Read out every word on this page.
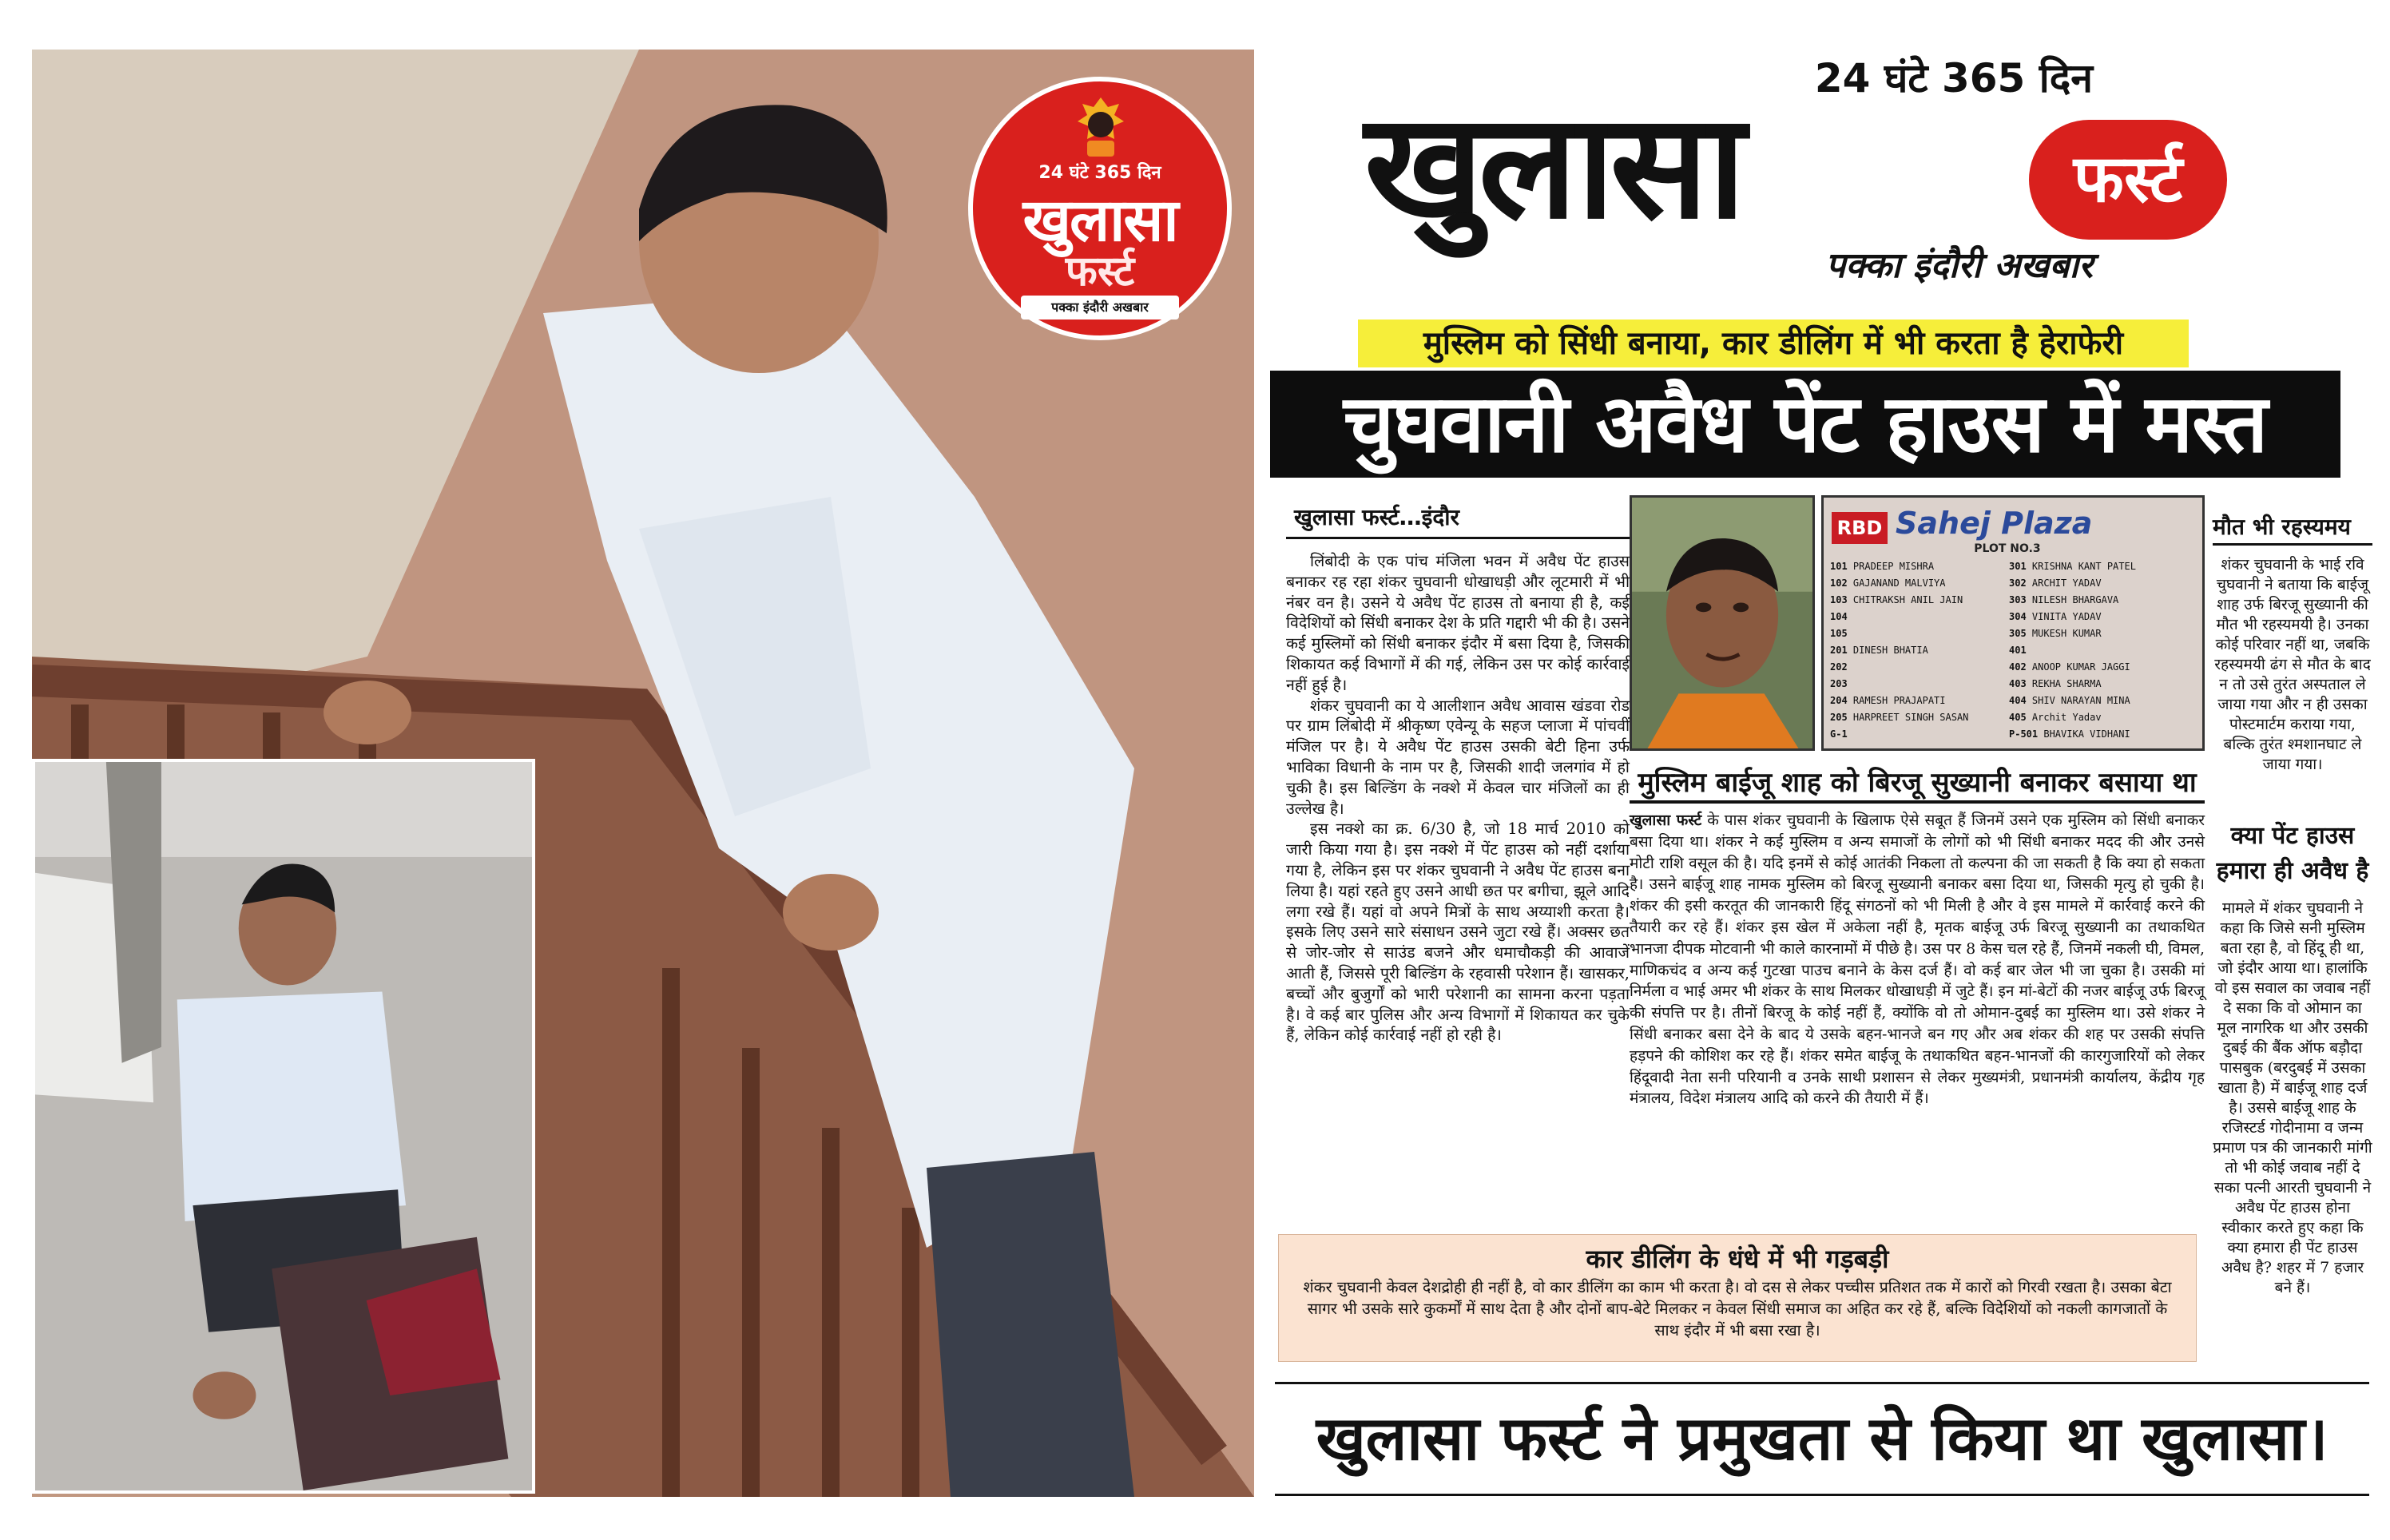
24 घंटे 365 दिन
खुलासा
फर्स्ट
पक्का इंदौरी अखबार
24 घंटे 365 दिन
खुलासा	फर्स्ट
पक्का इंदौरी अखबार
मुस्लिम को सिंधी बनाया, कार डीलिंग में भी करता है हेराफेरी
चुघवानी अवैध पेंट हाउस में मस्त
खुलासा फर्स्ट…इंदौर

लिंबोदी के एक पांच मंजिला भवन में अवैध पेंट हाउस बनाकर रह रहा शंकर चुघवानी धोखाधड़ी और लूटमारी में भी नंबर वन है। उसने ये अवैध पेंट हाउस तो बनाया ही है, कई विदेशियों को सिंधी बनाकर देश के प्रति गद्दारी भी की है। उसने कई मुस्लिमों को सिंधी बनाकर इंदौर में बसा दिया है, जिसकी शिकायत कई विभागों में की गई, लेकिन उस पर कोई कार्रवाई नहीं हुई है।

शंकर चुघवानी का ये आलीशान अवैध आवास खंडवा रोड पर ग्राम लिंबोदी में श्रीकृष्ण एवेन्यू के सहज प्लाजा में पांचवीं मंजिल पर है। ये अवैध पेंट हाउस उसकी बेटी हिना उर्फ भाविका विधानी के नाम पर है, जिसकी शादी जलगांव में हो चुकी है। इस बिल्डिंग के नक्शे में केवल चार मंजिलों का ही उल्लेख है।

इस नक्शे का क्र. 6/30 है, जो 18 मार्च 2010 को जारी किया गया है। इस नक्शे में पेंट हाउस को नहीं दर्शाया गया है, लेकिन इस पर शंकर चुघवानी ने अवैध पेंट हाउस बना लिया है। यहां रहते हुए उसने आधी छत पर बगीचा, झूले आदि लगा रखे हैं। यहां वो अपने मित्रों के साथ अय्याशी करता है। इसके लिए उसने सारे संसाधन उसने जुटा रखे हैं। अक्सर छत से जोर-जोर से साउंड बजने और धमाचौकड़ी की आवाजें आती हैं, जिससे पूरी बिल्डिंग के रहवासी परेशान हैं। खासकर, बच्चों और बुजुर्गों को भारी परेशानी का सामना करना पड़ता है। वे कई बार पुलिस और अन्य विभागों में शिकायत कर चुके हैं, लेकिन कोई कार्रवाई नहीं हो रही है।

RBD Sahej Plaza
PLOT NO.3
101 PRADEEP MISHRA
102 GAJANAND MALVIYA
103 CHITRAKSH ANIL JAIN
104
105
201 DINESH BHATIA
202
203
204 RAMESH PRAJAPATI
205 HARPREET SINGH SASAN
G-1
301 KRISHNA KANT PATEL
302 ARCHIT YADAV
303 NILESH BHARGAVA
304 VINITA YADAV
305 MUKESH KUMAR
401
402 ANOOP KUMAR JAGGI
403 REKHA SHARMA
404 SHIV NARAYAN MINA
405 Archit Yadav
P-501 BHAVIKA VIDHANI
मुस्लिम बाईजू शाह को बिरजू सुख्यानी बनाकर बसाया था

खुलासा फर्स्ट के पास शंकर चुघवानी के खिलाफ ऐसे सबूत हैं जिनमें उसने एक मुस्लिम को सिंधी बनाकर बसा दिया था। शंकर ने कई मुस्लिम व अन्य समाजों के लोगों को भी सिंधी बनाकर मदद की और उनसे मोटी राशि वसूल की है। यदि इनमें से कोई आतंकी निकला तो कल्पना की जा सकती है कि क्या हो सकता है। उसने बाईजू शाह नामक मुस्लिम को बिरजू सुख्यानी बनाकर बसा दिया था, जिसकी मृत्यु हो चुकी है। शंकर की इसी करतूत की जानकारी हिंदू संगठनों को भी मिली है और वे इस मामले में कार्रवाई करने की तैयारी कर रहे हैं। शंकर इस खेल में अकेला नहीं है, मृतक बाईजू उर्फ बिरजू सुख्यानी का तथाकथित भानजा दीपक मोटवानी भी काले कारनामों में पीछे है। उस पर 8 केस चल रहे हैं, जिनमें नकली घी, विमल, माणिकचंद व अन्य कई गुटखा पाउच बनाने के केस दर्ज हैं। वो कई बार जेल भी जा चुका है। उसकी मां निर्मला व भाई अमर भी शंकर के साथ मिलकर धोखाधड़ी में जुटे हैं। इन मां-बेटों की नजर बाईजू उर्फ बिरजू की संपत्ति पर है। तीनों बिरजू के कोई नहीं हैं, क्योंकि वो तो ओमान-दुबई का मुस्लिम था। उसे शंकर ने सिंधी बनाकर बसा देने के बाद ये उसके बहन-भानजे बन गए और अब शंकर की शह पर उसकी संपत्ति हड़पने की कोशिश कर रहे हैं। शंकर समेत बाईजू के तथाकथित बहन-भानजों की कारगुजारियों को लेकर हिंदूवादी नेता सनी परियानी व उनके साथी प्रशासन से लेकर मुख्यमंत्री, प्रधानमंत्री कार्यालय, केंद्रीय गृह मंत्रालय, विदेश मंत्रालय आदि को करने की तैयारी में हैं।

मौत भी रहस्यमय

शंकर चुघवानी के भाई रवि चुघवानी ने बताया कि बाईजू शाह उर्फ बिरजू सुख्यानी की मौत भी रहस्यमयी है। उनका कोई परिवार नहीं था, जबकि रहस्यमयी ढंग से मौत के बाद न तो उसे तुरंत अस्पताल ले जाया गया और न ही उसका पोस्टमार्टम कराया गया, बल्कि तुरंत श्मशानघाट ले जाया गया।

क्या पेंट हाउस हमारा ही अवैध है

मामले में शंकर चुघवानी ने कहा कि जिसे सनी मुस्लिम बता रहा है, वो हिंदू ही था, जो इंदौर आया था। हालांकि वो इस सवाल का जवाब नहीं दे सका कि वो ओमान का मूल नागरिक था और उसकी दुबई की बैंक ऑफ बड़ौदा पासबुक (बरदुबई में उसका खाता है) में बाईजू शाह दर्ज है। उससे बाईजू शाह के रजिस्टर्ड गोदीनामा व जन्म प्रमाण पत्र की जानकारी मांगी तो भी कोई जवाब नहीं दे सका पत्नी आरती चुघवानी ने अवैध पेंट हाउस होना स्वीकार करते हुए कहा कि क्या हमारा ही पेंट हाउस अवैध है? शहर में 7 हजार बने हैं।

कार डीलिंग के धंधे में भी गड़बड़ी
शंकर चुघवानी केवल देशद्रोही ही नहीं है, वो कार डीलिंग का काम भी करता है। वो दस से लेकर पच्चीस प्रतिशत तक में कारों को गिरवी रखता है। उसका बेटा सागर भी उसके सारे कुकर्मों में साथ देता है और दोनों बाप-बेटे मिलकर न केवल सिंधी समाज का अहित कर रहे हैं, बल्कि विदेशियों को नकली कागजातों के साथ इंदौर में भी बसा रखा है।
खुलासा फर्स्ट ने प्रमुखता से किया था खुलासा।
